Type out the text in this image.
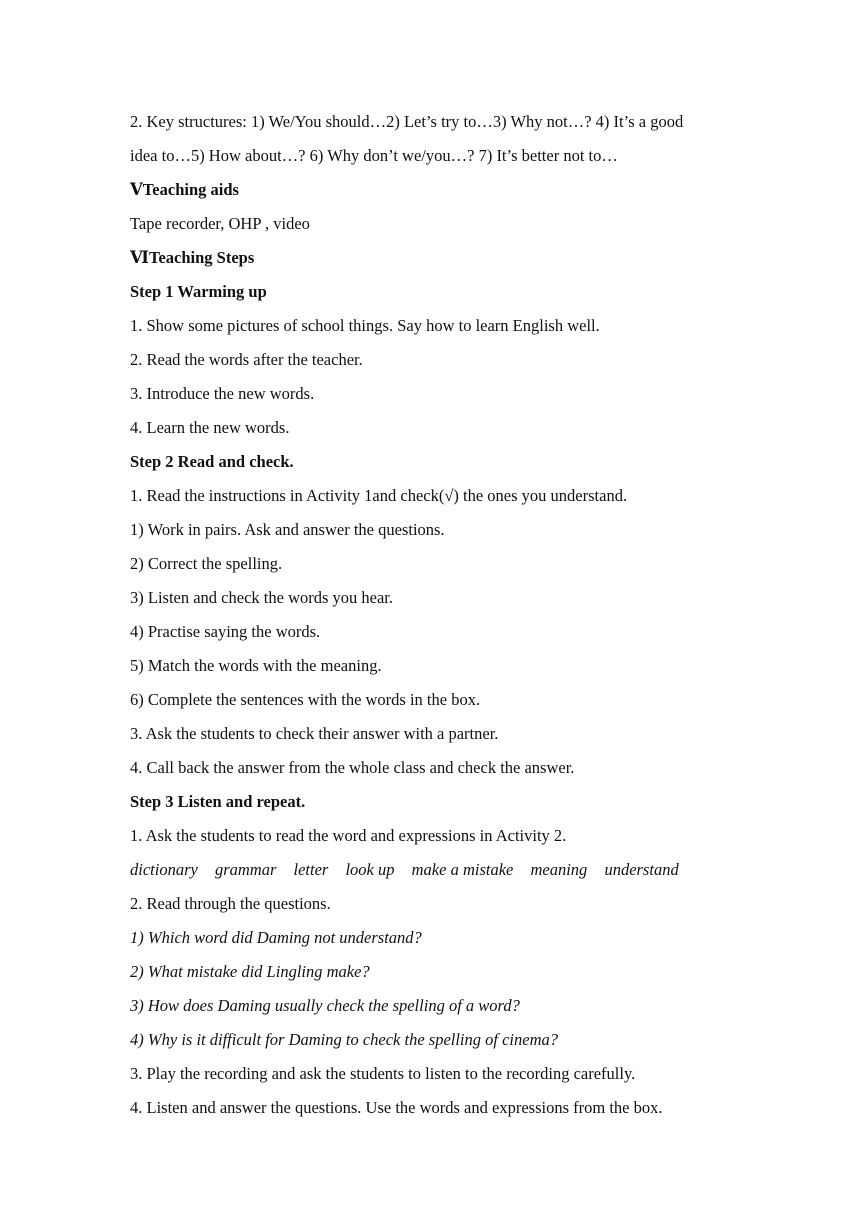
2. Key structures: 1) We/You should…2) Let’s try to…3) Why not…? 4) It’s a good
idea to…5) How about…? 6) Why don’t we/you…? 7) It’s better not to…
ⅤTeaching aids
Tape recorder, OHP , video
ⅥTeaching Steps
Step 1 Warming up
1. Show some pictures of school things. Say how to learn English well.
2. Read the words after the teacher.
3. Introduce the new words.
4. Learn the new words.
Step 2 Read and check.
1. Read the instructions in Activity 1and check(√) the ones you understand.
1) Work in pairs. Ask and answer the questions.
2) Correct the spelling.
3) Listen and check the words you hear.
4) Practise saying the words.
5) Match the words with the meaning.
6) Complete the sentences with the words in the box.
3. Ask the students to check their answer with a partner.
4. Call back the answer from the whole class and check the answer.
Step 3 Listen and repeat.
1. Ask the students to read the word and expressions in Activity 2.
dictionary grammar letter look up make a mistake meaning understand
2. Read through the questions.
1) Which word did Daming not understand?
2) What mistake did Lingling make?
3) How does Daming usually check the spelling of a word?
4) Why is it difficult for Daming to check the spelling of cinema?
3. Play the recording and ask the students to listen to the recording carefully.
4. Listen and answer the questions. Use the words and expressions from the box.
